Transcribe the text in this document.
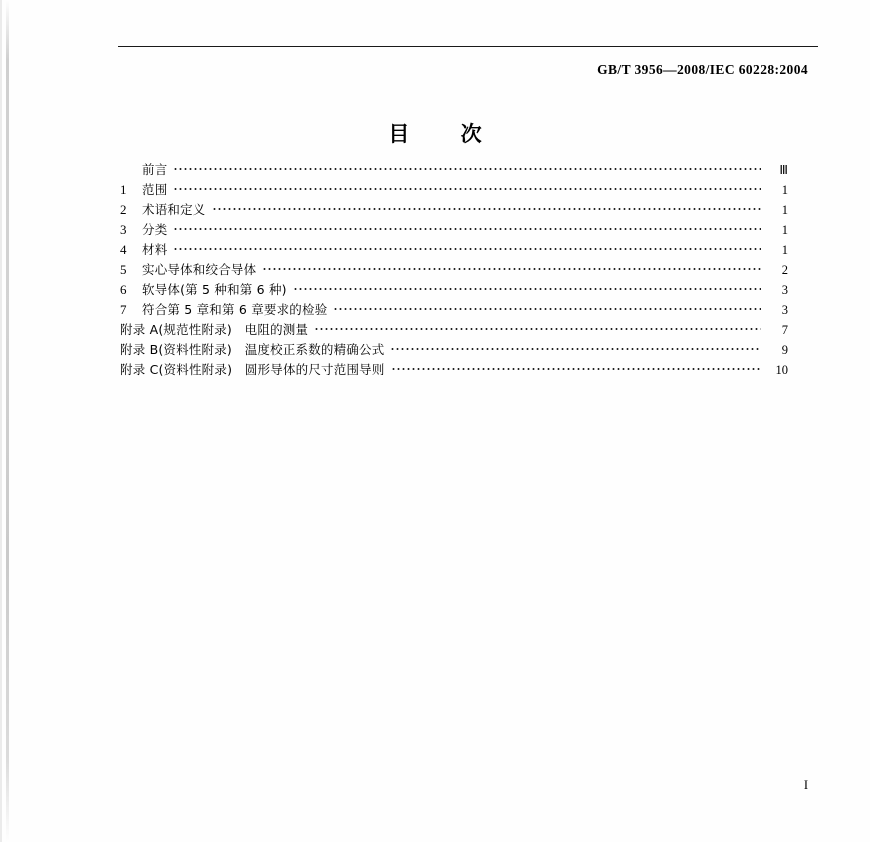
GB/T 3956—2008/IEC 60228:2004
目 次
前言	Ⅲ
1	范围	1
2	术语和定义	1
3	分类	1
4	材料	1
5	实心导体和绞合导体	2
6	软导体(第 5 种和第 6 种)	3
7	符合第 5 章和第 6 章要求的检验	3
附录 A(规范性附录)　电阻的测量	7
附录 B(资料性附录)　温度校正系数的精确公式	9
附录 C(资料性附录)　圆形导体的尺寸范围导则	10
I
